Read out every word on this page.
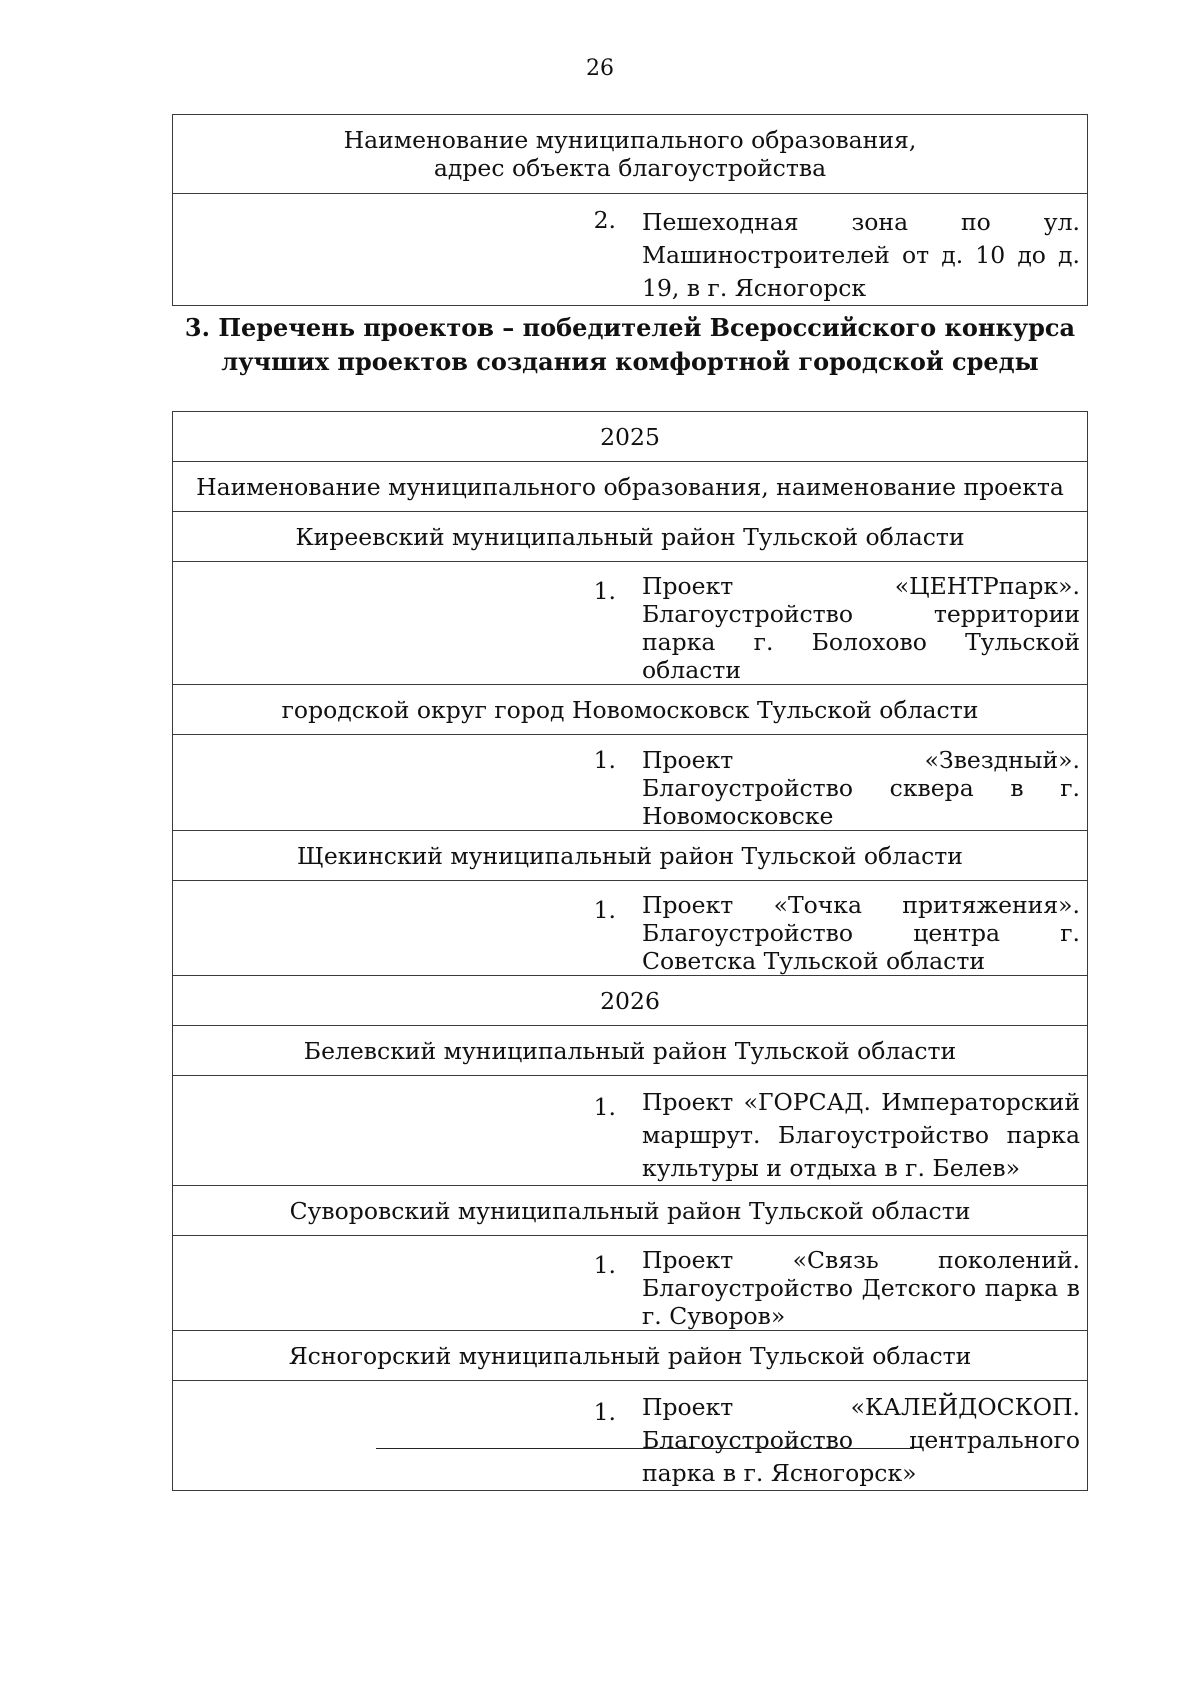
26
Наименование муниципального образования,
адрес объекта благоустройства
2.	Пешеходная зона по ул. Машиностроителей от д. 10 до д. 19, в г. Ясногорск
3. Перечень проектов – победителей Всероссийского конкурса
лучших проектов создания комфортной городской среды
2025	
Наименование муниципального образования, наименование проекта	
Киреевский муниципальный район Тульской области	
1.	Проект «ЦЕНТРпарк». Благоустройство территории парка г. Болохово Тульской области
городской округ город Новомосковск Тульской области	
1.	Проект «Звездный». Благоустройство сквера в г. Новомосковске
Щекинский муниципальный район Тульской области	
1.	Проект «Точка притяжения». Благоустройство центра г. Советска Тульской области
2026	
Белевский муниципальный район Тульской области	
1.	Проект «ГОРСАД. Императорский маршрут. Благоустройство парка культуры и отдыха в г. Белев»
Суворовский муниципальный район Тульской области	
1.	Проект «Связь поколений. Благоустройство Детского парка в г. Суворов»
Ясногорский муниципальный район Тульской области	
1.	Проект «КАЛЕЙДОСКОП. Благоустройство центрального парка в г. Ясногорск»
